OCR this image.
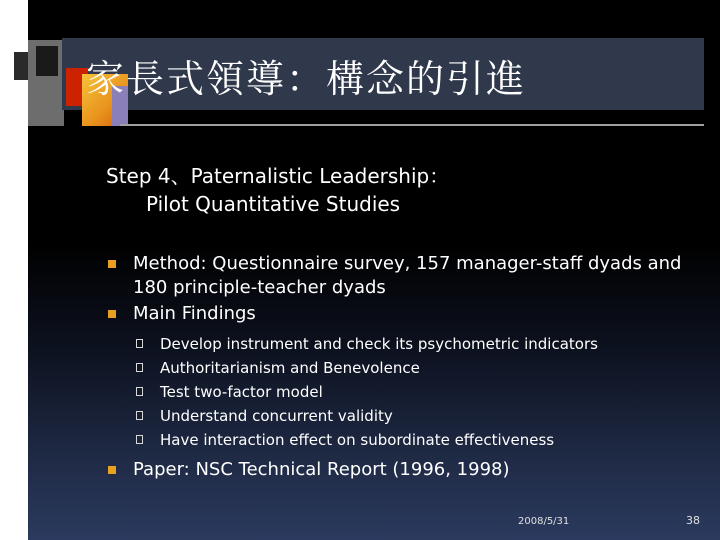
家長式領導：構念的引進
Step 4、Paternalistic Leadership：
Pilot Quantitative Studies
Method: Questionnaire survey, 157 manager-staff dyads and 180 principle-teacher dyads
Main Findings
Develop instrument and check its psychometric indicators
Authoritarianism and Benevolence
Test two-factor model
Understand concurrent validity
Have interaction effect on subordinate effectiveness
Paper: NSC Technical Report (1996, 1998)
2008/5/31	38
